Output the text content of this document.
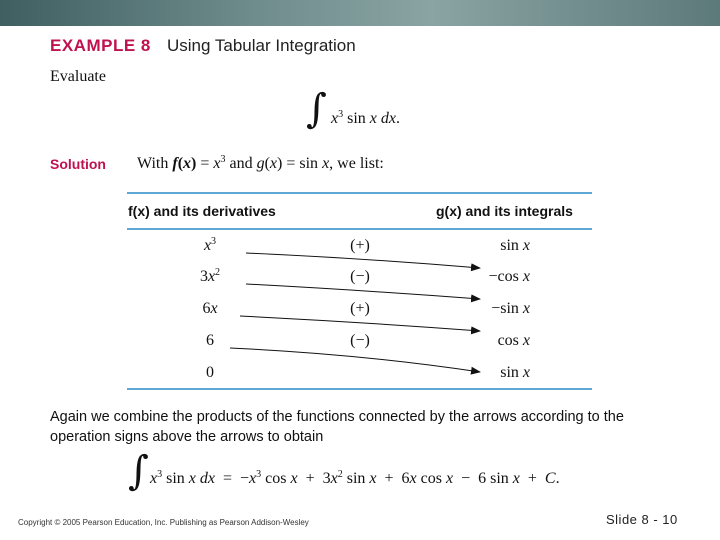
EXAMPLE 8 Using Tabular Integration
Evaluate
∫ $x^3$ sin x dx.
Solution With $f(x) = x^3$ and g(x) = sin x, we list:
f(x) and its derivatives	g(x) and its integrals
$x^3$
$3x^2$
6x
6
0
(+)
(−)
(+)
(−)
sin x
−cos x
−sin x
cos x
sin x
Again we combine the products of the functions connected by the arrows according to the operation signs above the arrows to obtain
∫ $x^3$ sin x dx  =  $-x^3$ $\cos x + 3x^2$ sin x  +  6x cos x  −  6 sin x  +  C.
Copyright © 2005 Pearson Education, Inc. Publishing as Pearson Addison-Wesley	Slide 8 - 10
